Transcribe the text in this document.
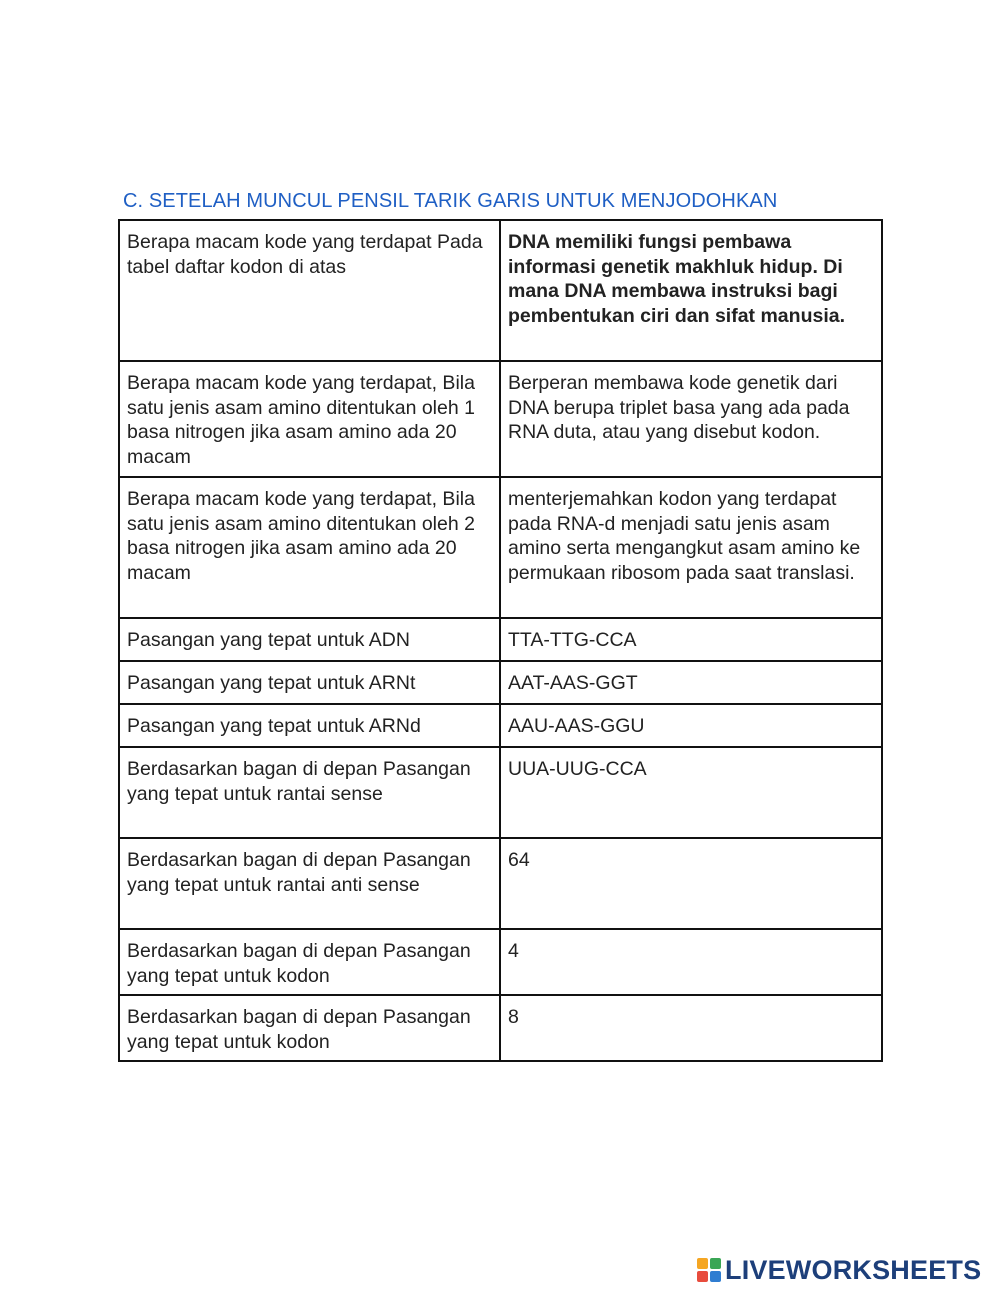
C. SETELAH MUNCUL PENSIL TARIK GARIS UNTUK MENJODOHKAN
Berapa macam kode yang terdapat Pada tabel daftar kodon di atas	DNA memiliki fungsi pembawa informasi genetik makhluk hidup. Di mana DNA membawa instruksi bagi pembentukan ciri dan sifat manusia.
Berapa macam kode yang terdapat, Bila satu jenis asam amino ditentukan oleh 1 basa nitrogen jika asam amino ada 20 macam	Berperan membawa kode genetik dari DNA berupa triplet basa yang ada pada RNA duta, atau yang disebut kodon.
Berapa macam kode yang terdapat, Bila satu jenis asam amino ditentukan oleh 2 basa nitrogen jika asam amino ada 20 macam	menterjemahkan kodon yang terdapat pada RNA-d menjadi satu jenis asam amino serta mengangkut asam amino ke permukaan ribosom pada saat translasi.
Pasangan yang tepat untuk ADN	TTA-TTG-CCA
Pasangan yang tepat untuk ARNt	AAT-AAS-GGT
Pasangan yang tepat untuk ARNd	AAU-AAS-GGU
Berdasarkan bagan di depan Pasangan yang tepat untuk rantai sense	UUA-UUG-CCA
Berdasarkan bagan di depan Pasangan yang tepat untuk rantai anti sense	64
Berdasarkan bagan di depan Pasangan yang tepat untuk kodon	4
Berdasarkan bagan di depan Pasangan yang tepat untuk kodon	8
LIVEWORKSHEETS
